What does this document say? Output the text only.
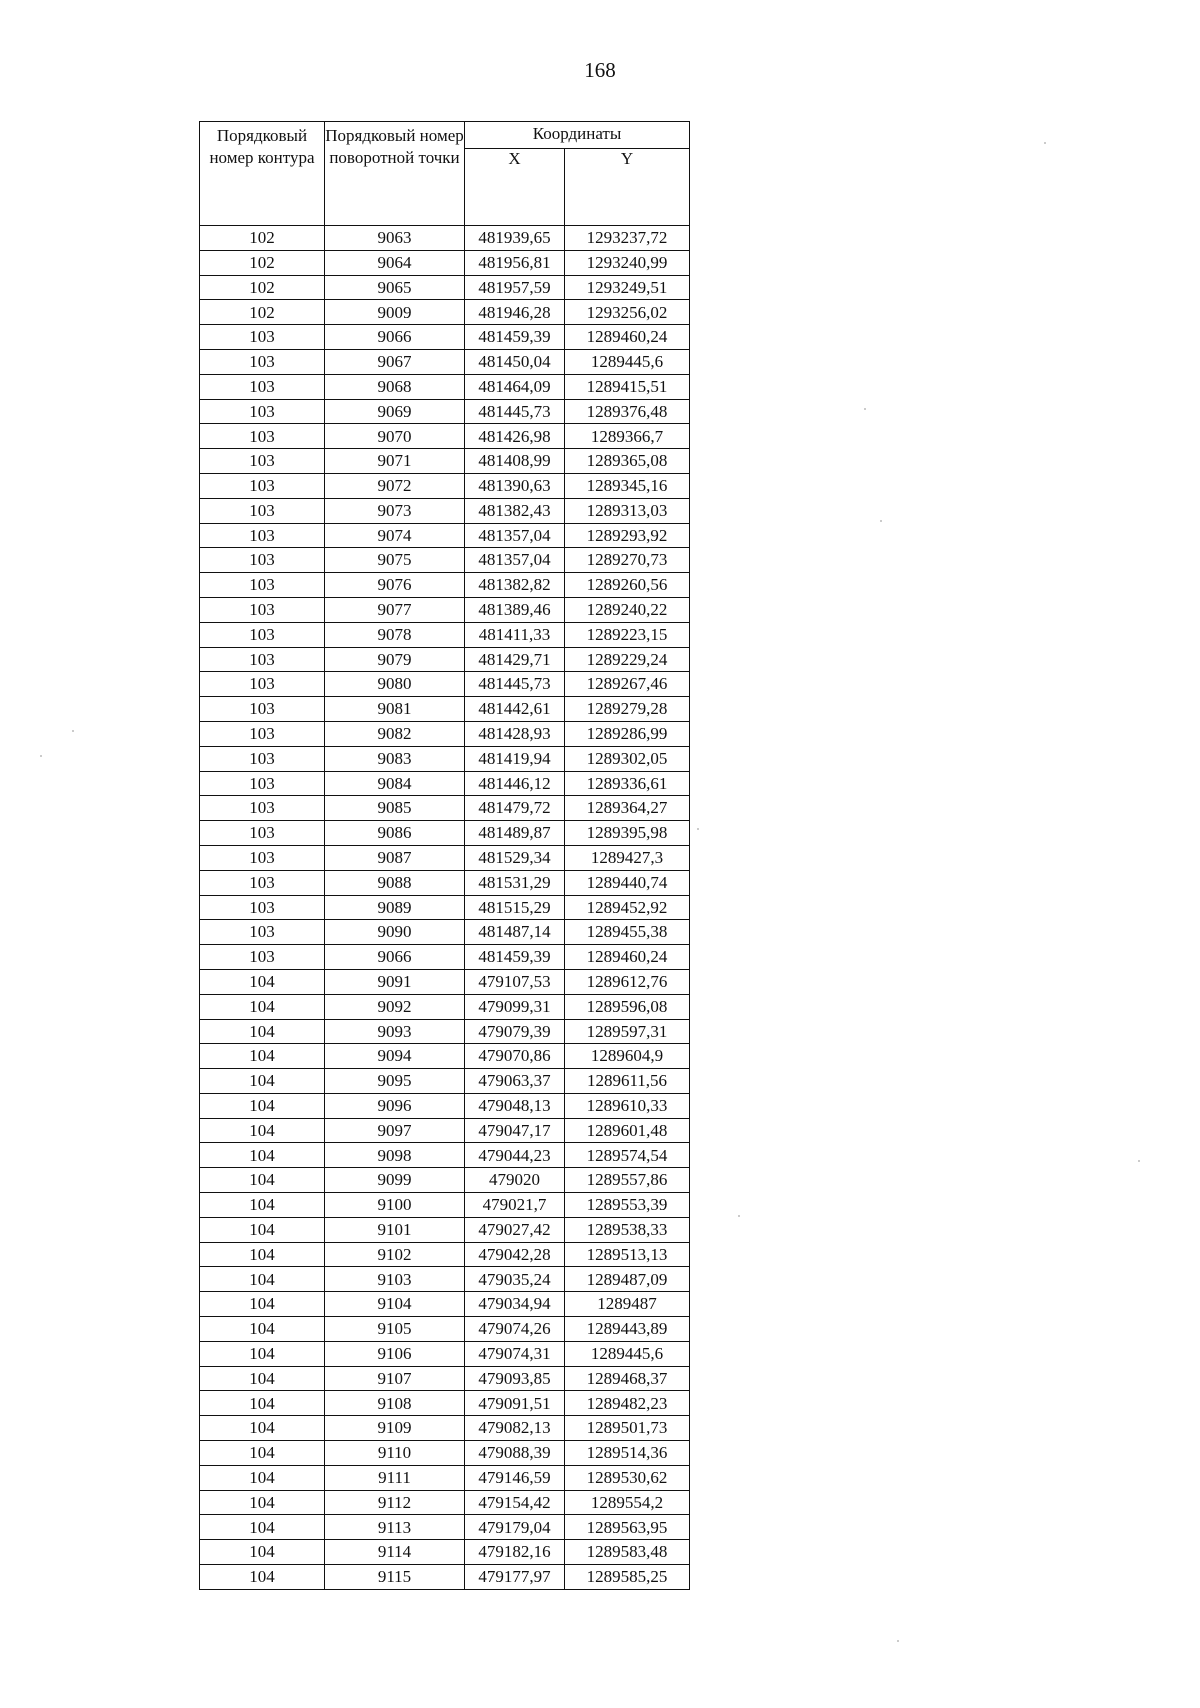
168
Порядковый номер контура	Порядковый номер поворотной точки	Координаты	
		X	Y
102	9063	481939,65	1293237,72
102	9064	481956,81	1293240,99
102	9065	481957,59	1293249,51
102	9009	481946,28	1293256,02
103	9066	481459,39	1289460,24
103	9067	481450,04	1289445,6
103	9068	481464,09	1289415,51
103	9069	481445,73	1289376,48
103	9070	481426,98	1289366,7
103	9071	481408,99	1289365,08
103	9072	481390,63	1289345,16
103	9073	481382,43	1289313,03
103	9074	481357,04	1289293,92
103	9075	481357,04	1289270,73
103	9076	481382,82	1289260,56
103	9077	481389,46	1289240,22
103	9078	481411,33	1289223,15
103	9079	481429,71	1289229,24
103	9080	481445,73	1289267,46
103	9081	481442,61	1289279,28
103	9082	481428,93	1289286,99
103	9083	481419,94	1289302,05
103	9084	481446,12	1289336,61
103	9085	481479,72	1289364,27
103	9086	481489,87	1289395,98
103	9087	481529,34	1289427,3
103	9088	481531,29	1289440,74
103	9089	481515,29	1289452,92
103	9090	481487,14	1289455,38
103	9066	481459,39	1289460,24
104	9091	479107,53	1289612,76
104	9092	479099,31	1289596,08
104	9093	479079,39	1289597,31
104	9094	479070,86	1289604,9
104	9095	479063,37	1289611,56
104	9096	479048,13	1289610,33
104	9097	479047,17	1289601,48
104	9098	479044,23	1289574,54
104	9099	479020	1289557,86
104	9100	479021,7	1289553,39
104	9101	479027,42	1289538,33
104	9102	479042,28	1289513,13
104	9103	479035,24	1289487,09
104	9104	479034,94	1289487
104	9105	479074,26	1289443,89
104	9106	479074,31	1289445,6
104	9107	479093,85	1289468,37
104	9108	479091,51	1289482,23
104	9109	479082,13	1289501,73
104	9110	479088,39	1289514,36
104	9111	479146,59	1289530,62
104	9112	479154,42	1289554,2
104	9113	479179,04	1289563,95
104	9114	479182,16	1289583,48
104	9115	479177,97	1289585,25
